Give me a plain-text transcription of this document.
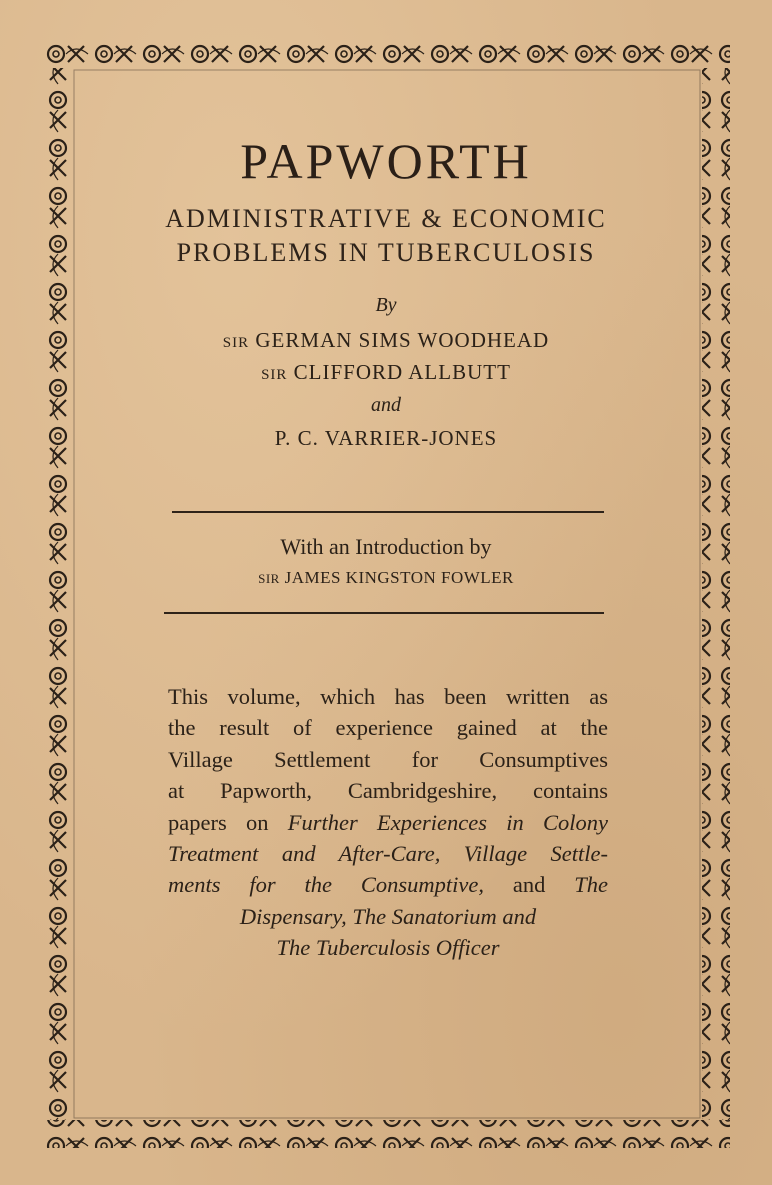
PAPWORTH
ADMINISTRATIVE & ECONOMIC
PROBLEMS IN TUBERCULOSIS
By
SIR GERMAN SIMS WOODHEAD
SIR CLIFFORD ALLBUTT
and
P. C. VARRIER-JONES
With an Introduction by
SIR JAMES KINGSTON FOWLER
This volume, which has been written as
the result of experience gained at the
Village Settlement for Consumptives
at Papworth, Cambridgeshire, contains
papers on Further Experiences in Colony
Treatment and After-Care, Village Settle-
ments for the Consumptive, and The
Dispensary, The Sanatorium and
The Tuberculosis Officer
